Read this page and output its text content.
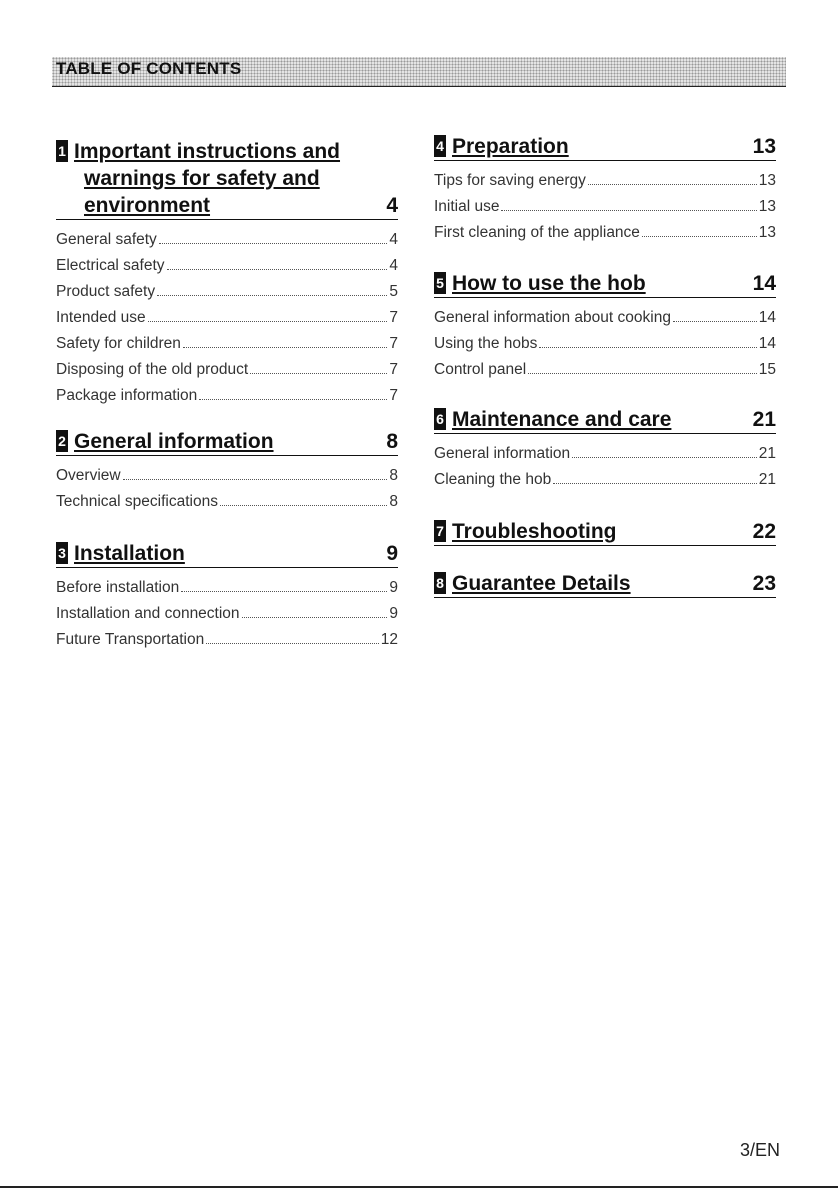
TABLE OF CONTENTS
1 Important instructions and
warnings for safety and
environment	4
General safety	4
Electrical safety	4
Product safety	5
Intended use	7
Safety for children	7
Disposing of the old product	7
Package information	7
2 General information	8
Overview	8
Technical specifications	8
3 Installation	9
Before installation	9
Installation and connection	9
Future Transportation	12
4 Preparation	13
Tips for saving energy	13
Initial use	13
First cleaning of the appliance	13
5 How to use the hob	14
General information about cooking	14
Using the hobs	14
Control panel	15
6 Maintenance and care	21
General information	21
Cleaning the hob	21
7 Troubleshooting	22
8 Guarantee Details	23
3/EN
